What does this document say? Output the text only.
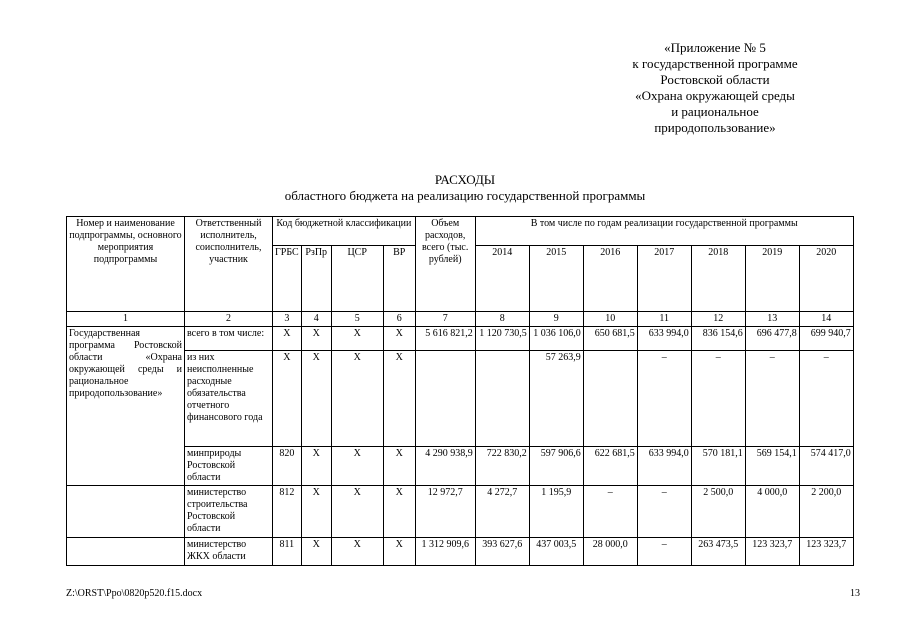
«Приложение № 5
к государственной программе
Ростовской области
«Охрана окружающей среды
и рациональное
природопользование»
РАСХОДЫ
областного бюджета на реализацию государственной программы
Номер и наименование подпрограммы, основного мероприятия подпрограммы	Ответственный исполнитель, соисполнитель, участник	Код бюджетной классификации				Объем расходов, всего (тыс. рублей)	В том числе по годам реализации государственной программы						
		ГРБС	РзПр	ЦСР	ВР		2014	2015	2016	2017	2018	2019	2020
1	2	3	4	5	6	7	8	9	10	11	12	13	14
Государственная программа Ростовской области «Охрана окружающей среды и рациональное природопользование»	всего в том числе:	X	X	X	X	5 616 821,2	1 120 730,5	1 036 106,0	650 681,5	633 994,0	836 154,6	696 477,8	699 940,7
	из них неисполненные расходные обязательства отчетного финансового года	X	X	X	X			57 263,9		–	–	–	–
	минприроды Ростовской области	820	X	X	X	4 290 938,9	722 830,2	597 906,6	622 681,5	633 994,0	570 181,1	569 154,1	574 417,0
	министерство строительства Ростовской области	812	X	X	X	12 972,7	4 272,7	1 195,9	–	–	2 500,0	4 000,0	2 200,0
	министерство ЖКХ области	811	X	X	X	1 312 909,6	393 627,6	437 003,5	28 000,0	–	263 473,5	123 323,7	123 323,7
Z:\ORST\Ppo\0820p520.f15.docx	13
